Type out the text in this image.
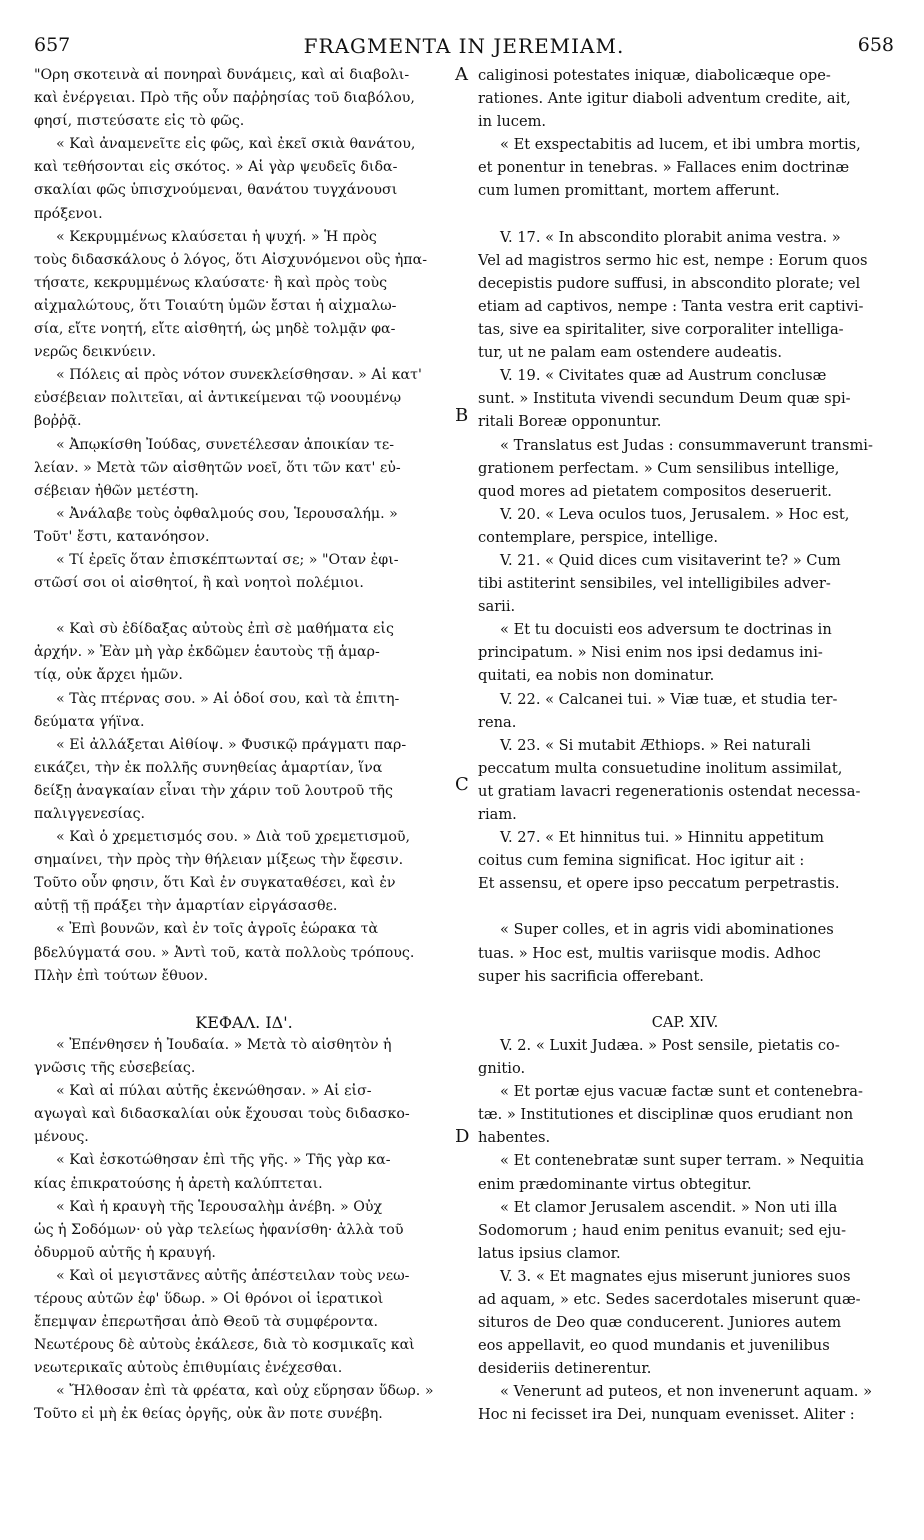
657	FRAGMENTA IN JEREMIAM.	658
"Ορη σκοτεινὰ αἱ πονηραὶ δυνάμεις, καὶ αἱ διαβολι-
καὶ ἐνέργειαι. Πρὸ τῆς οὖν παῤῥησίας τοῦ διαβόλου,
φησί, πιστεύσατε εἰς τὸ φῶς.
« Καὶ ἀναμενεῖτε εἰς φῶς, καὶ ἐκεῖ σκιὰ θανάτου,
καὶ τεθήσονται εἰς σκότος. » Αἱ γὰρ ψευδεῖς διδα-
σκαλίαι φῶς ὑπισχνούμεναι, θανάτου τυγχάνουσι
πρόξενοι.
« Κεκρυμμένως κλαύσεται ἡ ψυχή. » Ἡ πρὸς
τοὺς διδασκάλους ὁ λόγος, ὅτι Αἰσχυνόμενοι οὓς ἠπα-
τήσατε, κεκρυμμένως κλαύσατε· ἢ καὶ πρὸς τοὺς
αἰχμαλώτους, ὅτι Τοιαύτη ὑμῶν ἔσται ἡ αἰχμαλω-
σία, εἴτε νοητή, εἴτε αἰσθητή, ὡς μηδὲ τολμᾷν φα-
νερῶς δεικνύειν.
« Πόλεις αἱ πρὸς νότον συνεκλείσθησαν. » Αἱ κατ'
εὐσέβειαν πολιτεῖαι, αἱ ἀντικείμεναι τῷ νοουμένῳ
βοῤῥᾷ.
« Ἀπῳκίσθη Ἰούδας, συνετέλεσαν ἀποικίαν τε-
λείαν. » Μετὰ τῶν αἰσθητῶν νοεῖ, ὅτι τῶν κατ' εὐ-
σέβειαν ἠθῶν μετέστη.
« Ἀνάλαβε τοὺς ὀφθαλμούς σου, Ἱερουσαλήμ. »
Τοῦτ' ἔστι, κατανόησον.
« Τί ἐρεῖς ὅταν ἐπισκέπτωνταί σε; » "Οταν ἐφι-
στῶσί σοι οἱ αἰσθητοί, ἢ καὶ νοητοὶ πολέμιοι.
« Καὶ σὺ ἐδίδαξας αὐτοὺς ἐπὶ σὲ μαθήματα εἰς
ἀρχήν. » Ἐὰν μὴ γὰρ ἐκδῶμεν ἑαυτοὺς τῇ ἁμαρ-
τίᾳ, οὐκ ἄρχει ἡμῶν.
« Τὰς πτέρνας σου. » Αἱ ὁδοί σου, καὶ τὰ ἐπιτη-
δεύματα γήϊνα.
« Εἰ ἀλλάξεται Αἰθίοψ. » Φυσικῷ πράγματι παρ-
εικάζει, τὴν ἐκ πολλῆς συνηθείας ἁμαρτίαν, ἵνα
δείξῃ ἀναγκαίαν εἶναι τὴν χάριν τοῦ λουτροῦ τῆς
παλιγγενεσίας.
« Καὶ ὁ χρεμετισμός σου. » Διὰ τοῦ χρεμετισμοῦ,
σημαίνει, τὴν πρὸς τὴν θήλειαν μίξεως τὴν ἔφεσιν.
Τοῦτο οὖν φησιν, ὅτι Καὶ ἐν συγκαταθέσει, καὶ ἐν
αὐτῇ τῇ πράξει τὴν ἁμαρτίαν εἰργάσασθε.
« Ἐπὶ βουνῶν, καὶ ἐν τοῖς ἀγροῖς ἑώρακα τὰ
βδελύγματά σου. » Ἀντὶ τοῦ, κατὰ πολλοὺς τρόπους.
Πλὴν ἐπὶ τούτων ἔθυον.
ΚΕΦΑΛ. ΙΔ'.
« Ἐπένθησεν ἡ Ἰουδαία. » Μετὰ τὸ αἰσθητὸν ἡ
γνῶσις τῆς εὐσεβείας.
« Καὶ αἱ πύλαι αὐτῆς ἐκενώθησαν. » Αἱ εἰσ-
αγωγαὶ καὶ διδασκαλίαι οὐκ ἔχουσαι τοὺς διδασκο-
μένους.
« Καὶ ἐσκοτώθησαν ἐπὶ τῆς γῆς. » Τῆς γὰρ κα-
κίας ἐπικρατούσης ἡ ἀρετὴ καλύπτεται.
« Καὶ ἡ κραυγὴ τῆς Ἱερουσαλὴμ ἀνέβη. » Οὐχ
ὡς ἡ Σοδόμων· οὐ γὰρ τελείως ἠφανίσθη· ἀλλὰ τοῦ
ὀδυρμοῦ αὐτῆς ἡ κραυγή.
« Καὶ οἱ μεγιστᾶνες αὐτῆς ἀπέστειλαν τοὺς νεω-
τέρους αὐτῶν ἐφ' ὕδωρ. » Οἱ θρόνοι οἱ ἱερατικοὶ
ἔπεμψαν ἐπερωτῆσαι ἀπὸ Θεοῦ τὰ συμφέροντα.
Νεωτέρους δὲ αὐτοὺς ἐκάλεσε, διὰ τὸ κοσμικαῖς καὶ
νεωτερικαῖς αὐτοὺς ἐπιθυμίαις ἐνέχεσθαι.
« Ἤλθοσαν ἐπὶ τὰ φρέατα, καὶ οὐχ εὕρησαν ὕδωρ. »
Τοῦτο εἰ μὴ ἐκ θείας ὀργῆς, οὐκ ἂν ποτε συνέβη.
caliginosi potestates iniquæ, diabolicæque ope-
rationes. Ante igitur diaboli adventum credite, ait,
in lucem.
« Et exspectabitis ad lucem, et ibi umbra mortis,
et ponentur in tenebras. » Fallaces enim doctrinæ
cum lumen promittant, mortem afferunt.
V. 17. « In abscondito plorabit anima vestra. »
Vel ad magistros sermo hic est, nempe : Eorum quos
decepistis pudore suffusi, in abscondito plorate; vel
etiam ad captivos, nempe : Tanta vestra erit captivi-
tas, sive ea spiritaliter, sive corporaliter intelliga-
tur, ut ne palam eam ostendere audeatis.
V. 19. « Civitates quæ ad Austrum conclusæ
sunt. » Instituta vivendi secundum Deum quæ spi-
ritali Boreæ opponuntur.
« Translatus est Judas : consummaverunt transmi-
grationem perfectam. » Cum sensilibus intellige,
quod mores ad pietatem compositos deseruerit.
V. 20. « Leva oculos tuos, Jerusalem. » Hoc est,
contemplare, perspice, intellige.
V. 21. « Quid dices cum visitaverint te? » Cum
tibi astiterint sensibiles, vel intelligibiles adver-
sarii.
« Et tu docuisti eos adversum te doctrinas in
principatum. » Nisi enim nos ipsi dedamus ini-
quitati, ea nobis non dominatur.
V. 22. « Calcanei tui. » Viæ tuæ, et studia ter-
rena.
V. 23. « Si mutabit Æthiops. » Rei naturali
peccatum multa consuetudine inolitum assimilat,
ut gratiam lavacri regenerationis ostendat necessa-
riam.
V. 27. « Et hinnitus tui. » Hinnitu appetitum
coitus cum femina significat. Hoc igitur ait :
Et assensu, et opere ipso peccatum perpetrastis.
« Super colles, et in agris vidi abominationes
tuas. » Hoc est, multis variisque modis. Adhoc
super his sacrificia offerebant.
CAP. XIV.
V. 2. « Luxit Judæa. » Post sensile, pietatis co-
gnitio.
« Et portæ ejus vacuæ factæ sunt et contenebra-
tæ. » Institutiones et disciplinæ quos erudiant non
habentes.
« Et contenebratæ sunt super terram. » Nequitia
enim prædominante virtus obtegitur.
« Et clamor Jerusalem ascendit. » Non uti illa
Sodomorum ; haud enim penitus evanuit; sed eju-
latus ipsius clamor.
V. 3. « Et magnates ejus miserunt juniores suos
ad aquam, » etc. Sedes sacerdotales miserunt quæ-
situros de Deo quæ conducerent. Juniores autem
eos appellavit, eo quod mundanis et juvenilibus
desideriis detinerentur.
« Venerunt ad puteos, et non invenerunt aquam. »
Hoc ni fecisset ira Dei, nunquam evenisset. Aliter :
A
B
C
D
